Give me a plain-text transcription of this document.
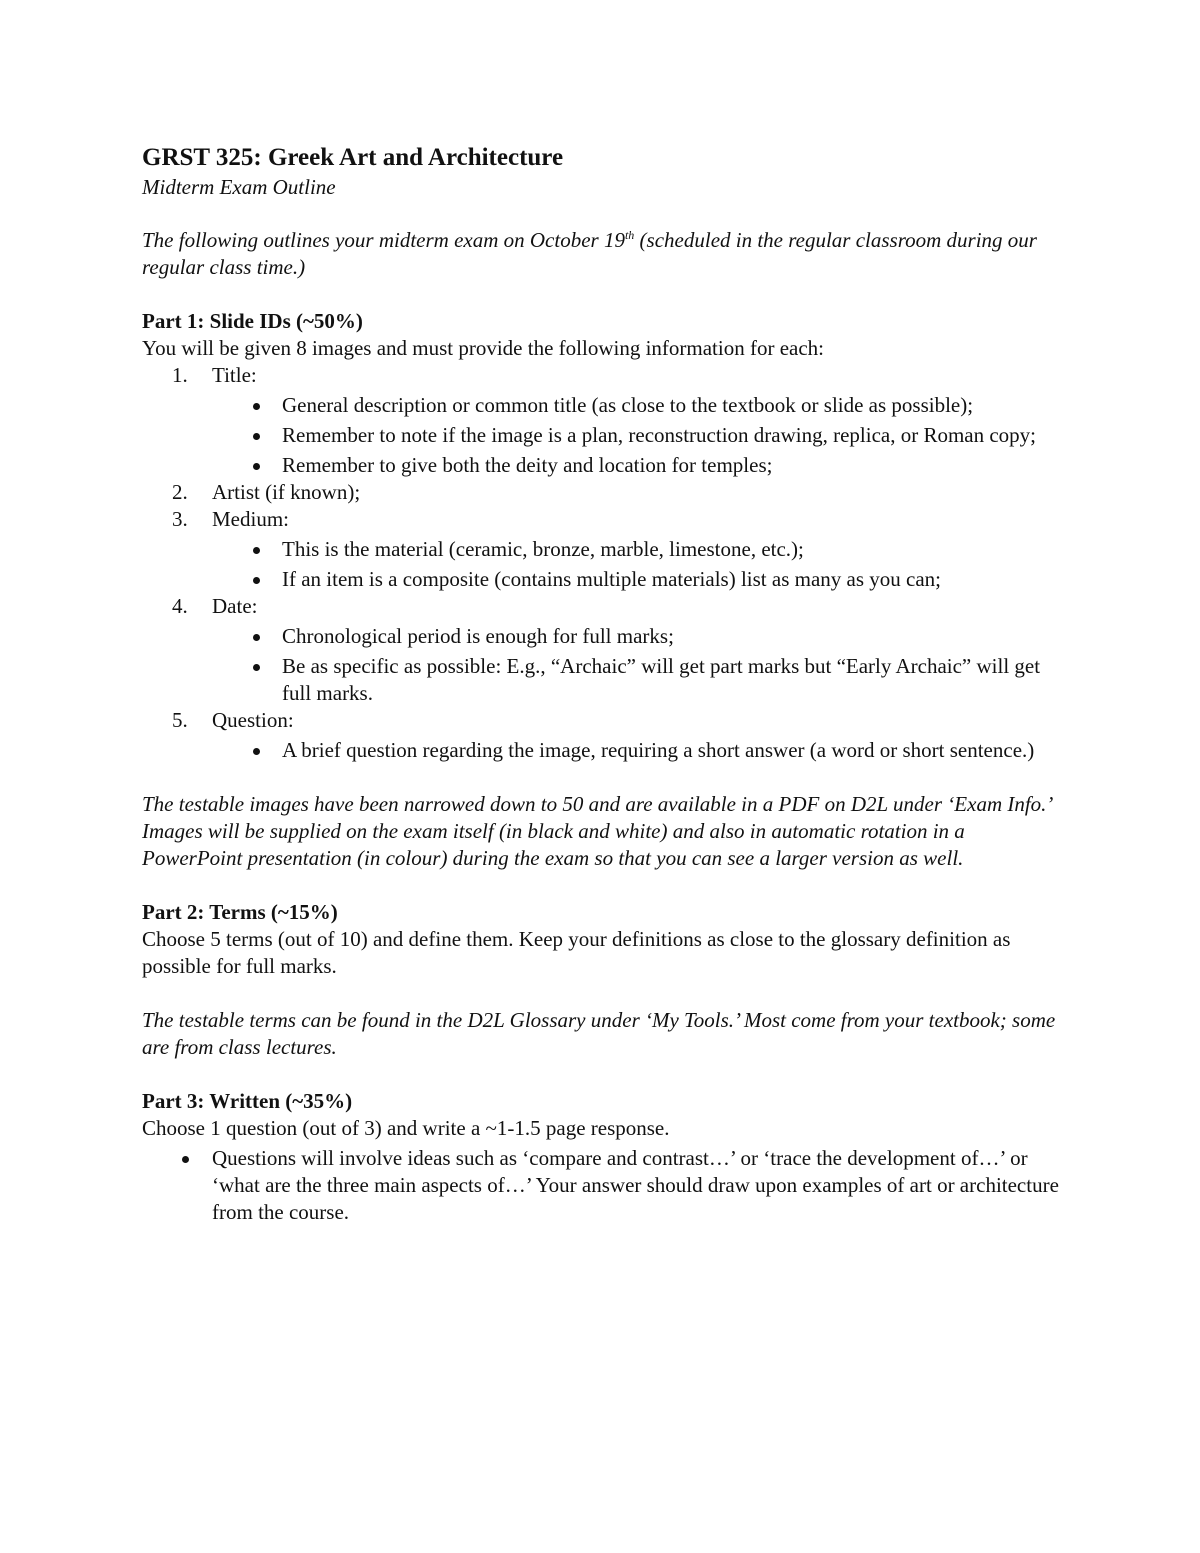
GRST 325: Greek Art and Architecture

Midterm Exam Outline

The following outlines your midterm exam on October 19th (scheduled in the regular classroom during our regular class time.)

Part 1: Slide IDs (~50%)

You will be given 8 images and must provide the following information for each:

1. Title:
General description or common title (as close to the textbook or slide as possible);
Remember to note if the image is a plan, reconstruction drawing, replica, or Roman copy;
Remember to give both the deity and location for temples;
2. Artist (if known);
3. Medium:
This is the material (ceramic, bronze, marble, limestone, etc.);
If an item is a composite (contains multiple materials) list as many as you can;
4. Date:
Chronological period is enough for full marks;
Be as specific as possible: E.g., “Archaic” will get part marks but “Early Archaic” will get full marks.
5. Question:
A brief question regarding the image, requiring a short answer (a word or short sentence.)

The testable images have been narrowed down to 50 and are available in a PDF on D2L under ‘Exam Info.’ Images will be supplied on the exam itself (in black and white) and also in automatic rotation in a PowerPoint presentation (in colour) during the exam so that you can see a larger version as well.

Part 2: Terms (~15%)

Choose 5 terms (out of 10) and define them. Keep your definitions as close to the glossary definition as possible for full marks.

The testable terms can be found in the D2L Glossary under ‘My Tools.’ Most come from your textbook; some are from class lectures.

Part 3: Written (~35%)

Choose 1 question (out of 3) and write a ~1-1.5 page response.

Questions will involve ideas such as ‘compare and contrast…’ or ‘trace the development of…’ or ‘what are the three main aspects of…’ Your answer should draw upon examples of art or architecture from the course.
